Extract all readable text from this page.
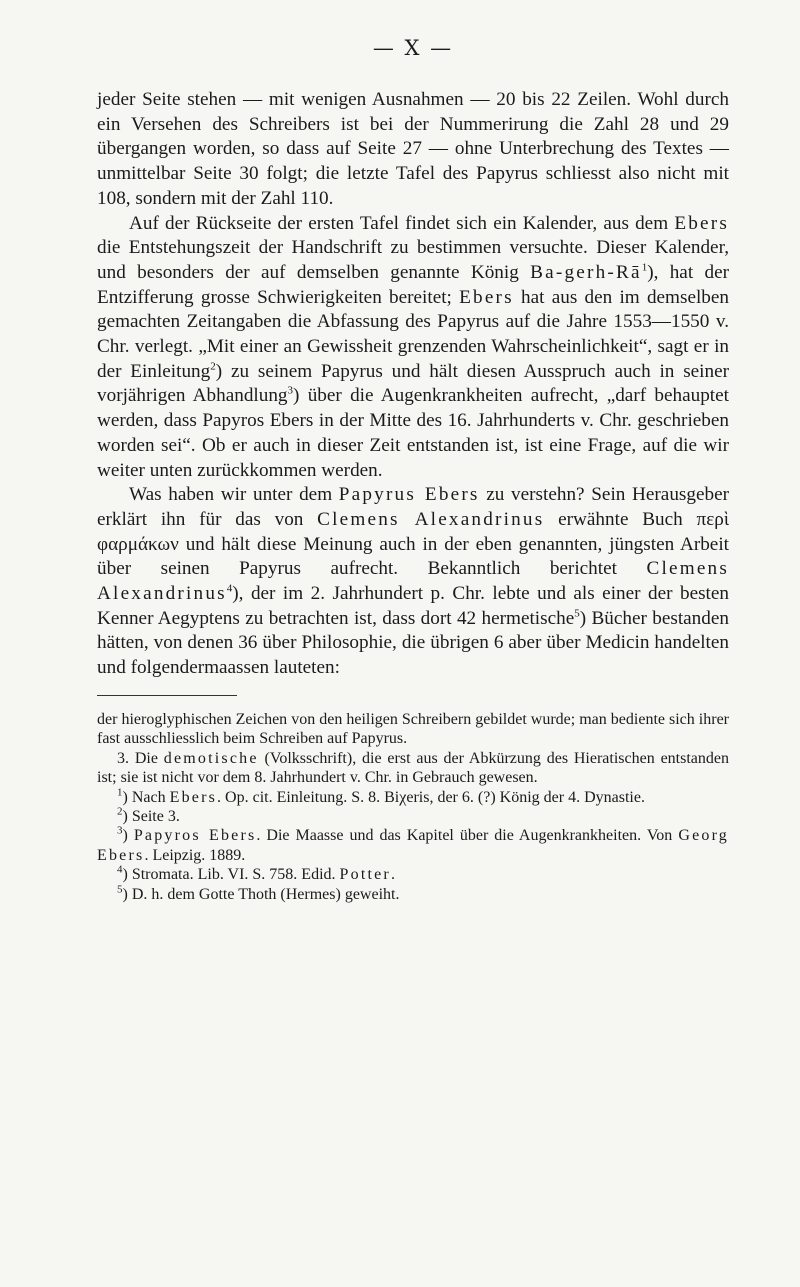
— X —

jeder Seite stehen — mit wenigen Ausnahmen — 20 bis 22 Zeilen. Wohl durch ein Versehen des Schreibers ist bei der Nummerirung die Zahl 28 und 29 übergangen worden, so dass auf Seite 27 — ohne Unterbrechung des Textes — unmittelbar Seite 30 folgt; die letzte Tafel des Papyrus schliesst also nicht mit 108, sondern mit der Zahl 110.

Auf der Rückseite der ersten Tafel findet sich ein Kalender, aus dem Ebers die Entstehungszeit der Handschrift zu bestimmen versuchte. Dieser Kalender, und besonders der auf demselben genannte König $Ba-gerh-Rā^1$), hat der Entzifferung grosse Schwierigkeiten bereitet; Ebers hat aus den im demselben gemachten Zeitangaben die Abfassung des Papyrus auf die Jahre 1553—1550 v. Chr. verlegt. „Mit einer an Gewissheit grenzenden Wahrscheinlichkeit“, sagt er in der Einleitung$^2$) zu seinem Papyrus und hält diesen Ausspruch auch in seiner vorjährigen Abhandlung$^3$) über die Augenkrankheiten aufrecht, „darf behauptet werden, dass Papyros Ebers in der Mitte des 16. Jahrhunderts v. Chr. geschrieben worden sei“. Ob er auch in dieser Zeit entstanden ist, ist eine Frage, auf die wir weiter unten zurückkommen werden.

Was haben wir unter dem Papyrus Ebers zu verstehn? Sein Herausgeber erklärt ihn für das von Clemens Alexandrinus erwähnte Buch περὶ φαρμάκων und hält diese Meinung auch in der eben genannten, jüngsten Arbeit über seinen Papyrus aufrecht. Bekanntlich berichtet Clemens Alexandrinus$^4$), der im 2. Jahrhundert p. Chr. lebte und als einer der besten Kenner Aegyptens zu betrachten ist, dass dort 42 hermetische$^5$) Bücher bestanden hätten, von denen 36 über Philosophie, die übrigen 6 aber über Medicin handelten und folgendermaassen lauteten:

der hieroglyphischen Zeichen von den heiligen Schreibern gebildet wurde; man bediente sich ihrer fast ausschliesslich beim Schreiben auf Papyrus.

3. Die demotische (Volksschrift), die erst aus der Abkürzung des Hieratischen entstanden ist; sie ist nicht vor dem 8. Jahrhundert v. Chr. in Gebrauch gewesen.

$^1$) Nach Ebers. Op. cit. Einleitung. S. 8. Biχeris, der 6. (?) König der 4. Dynastie.

$^2$) Seite 3.

$^3$) Papyros Ebers. Die Maasse und das Kapitel über die Augenkrankheiten. Von Georg Ebers. Leipzig. 1889.

$^4$) Stromata. Lib. VI. S. 758. Edid. Potter.

$^5$) D. h. dem Gotte Thoth (Hermes) geweiht.
